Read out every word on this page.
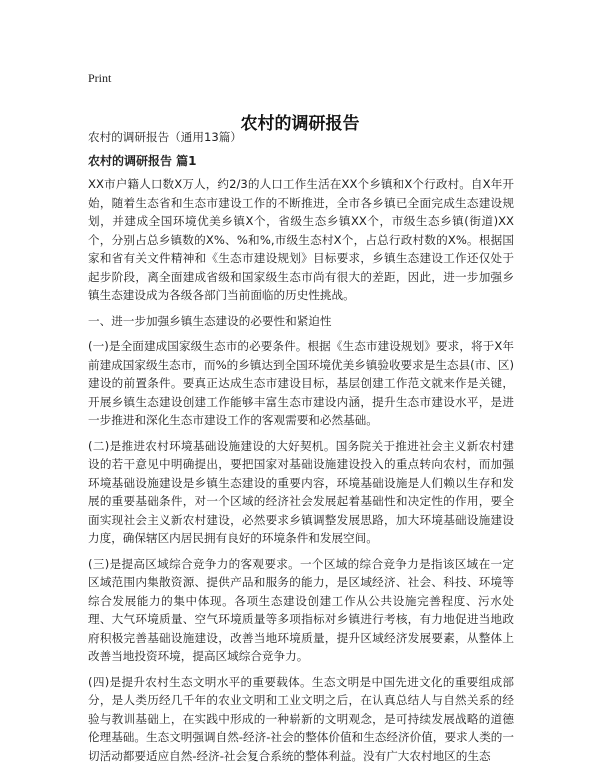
Print
农村的调研报告

农村的调研报告（通用13篇）

农村的调研报告 篇1

XX市户籍人口数X万人，约2/3的人口工作生活在XX个乡镇和X个行政村。自X年开始，随着生态省和生态市建设工作的不断推进，全市各乡镇已全面完成生态建设规划，并建成全国环境优美乡镇X个，省级生态乡镇XX个，市级生态乡镇(街道)XX个，分别占总乡镇数的X%、%和%,市级生态村X个，占总行政村数的X%。根据国家和省有关文件精神和《生态市建设规划》目标要求，乡镇生态建设工作还仅处于起步阶段，离全面建成省级和国家级生态市尚有很大的差距，因此，进一步加强乡镇生态建设成为各级各部门当前面临的历史性挑战。

一、进一步加强乡镇生态建设的必要性和紧迫性

(一)是全面建成国家级生态市的必要条件。根据《生态市建设规划》要求，将于X年前建成国家级生态市，而%的乡镇达到全国环境优美乡镇验收要求是生态县(市、区)建设的前置条件。要真正达成生态市建设目标，基层创建工作范文就来作是关键，开展乡镇生态建设创建工作能够丰富生态市建设内涵，提升生态市建设水平，是进一步推进和深化生态市建设工作的客观需要和必然基础。

(二)是推进农村环境基础设施建设的大好契机。国务院关于推进社会主义新农村建设的若干意见中明确提出，要把国家对基础设施建设投入的重点转向农村，而加强环境基础设施建设是乡镇生态建设的重要内容，环境基础设施是人们赖以生存和发展的重要基础条件，对一个区域的经济社会发展起着基础性和决定性的作用，要全面实现社会主义新农村建设，必然要求乡镇调整发展思路，加大环境基础设施建设力度，确保辖区内居民拥有良好的环境条件和发展空间。

(三)是提高区域综合竞争力的客观要求。一个区域的综合竞争力是指该区域在一定区域范围内集散资源、提供产品和服务的能力，是区域经济、社会、科技、环境等综合发展能力的集中体现。各项生态建设创建工作从公共设施完善程度、污水处理、大气环境质量、空气环境质量等多项指标对乡镇进行考核，有力地促进当地政府积极完善基础设施建设，改善当地环境质量，提升区域经济发展要素，从整体上改善当地投资环境，提高区域综合竞争力。

(四)是提升农村生态文明水平的重要载体。生态文明是中国先进文化的重要组成部分，是人类历经几千年的农业文明和工业文明之后，在认真总结人与自然关系的经验与教训基础上，在实践中形成的一种崭新的文明观念，是可持续发展战略的道德伦理基础。生态文明强调自然-经济-社会的整体价值和生态经济价值，要求人类的一切活动都要适应自然-经济-社会复合系统的整体利益。没有广大农村地区的生态
